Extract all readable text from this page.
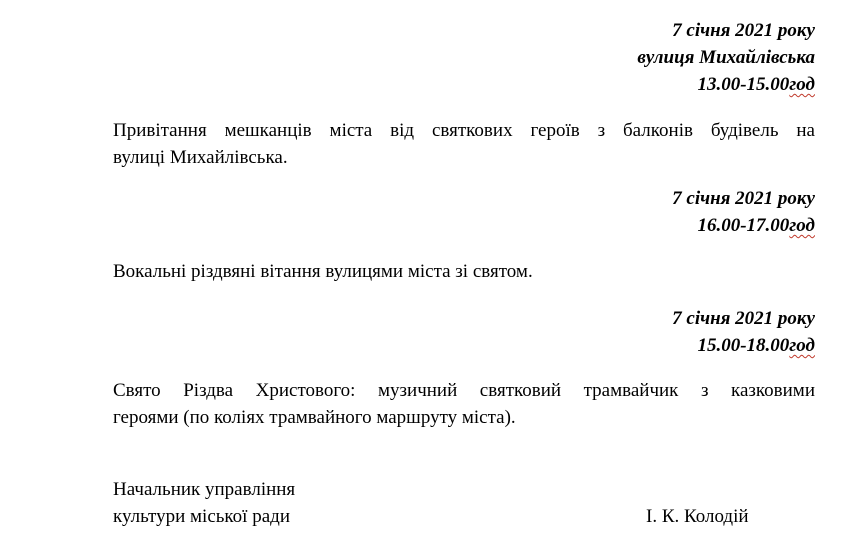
7 січня 2021 року
вулиця Михайлівська
13.00-15.00год
Привітання мешканців міста від святкових героїв з балконів будівель на
вулиці Михайлівська.
7 січня 2021 року
16.00-17.00год
Вокальні різдвяні вітання вулицями міста зі святом.
7 січня 2021 року
15.00-18.00год
Свято Різдва Христового: музичний святковий трамвайчик з казковими
героями (по коліях трамвайного маршруту міста).
Начальник управління
культури міської ради	І. К. Колодій
